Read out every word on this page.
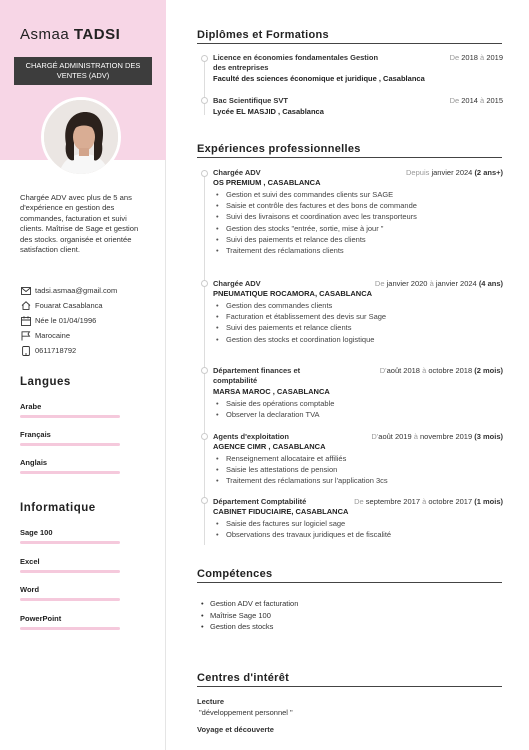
Asmaa TADSI
CHARGÉ ADMINISTRATION DES VENTES (ADV)
Chargée ADV avec plus de 5 ans d'expérience en gestion des commandes, facturation et suivi clients. Maîtrise de Sage et gestion des stocks. organisée et orientée satisfaction client.
tadsi.asmaa@gmail.com
Fouarat Casablanca
Née le 01/04/1996
Marocaine
0611718792
Langues
Arabe
Français
Anglais
Informatique
Sage 100
Excel
Word
PowerPoint
Diplômes et Formations
Licence en économies fondamentales Gestion des entreprises
De 2018 à 2019
Faculté des sciences économique et juridique , Casablanca
Bac Scientifique SVT	De 2014 à 2015
Lycée EL MASJID , Casablanca
Expériences professionnelles
Chargée ADV	Depuis janvier 2024 (2 ans+)
OS PREMIUM , CASABLANCA
• Gestion et suivi des commandes clients sur SAGE
• Saisie et contrôle des factures et des bons de commande
• Suivi des livraisons et coordination avec les transporteurs
• Gestion des stocks "entrée, sortie, mise à jour "
• Suivi des paiements et relance des clients
• Traitement des réclamations clients
Chargée ADV	De janvier 2020 à janvier 2024 (4 ans)
PNEUMATIQUE ROCAMORA, CASABLANCA
• Gestion des commandes clients
• Facturation et établissement des devis sur Sage
• Suivi des paiements et relance clients
• Gestion des stocks et coordination logistique
Département finances et comptabilité
D'août 2018 à octobre 2018 (2 mois)
MARSA MAROC , CASABLANCA
• Saisie des opérations comptable
• Observer la declaration TVA
Agents d'exploitation	D'août 2019 à novembre 2019 (3 mois)
AGENCE CIMR , CASABLANCA
• Renseignement allocataire et affiliés
• Saisie les attestations de pension
• Traitement des réclamations sur l'application 3cs
Département Comptabilité	De septembre 2017 à octobre 2017 (1 mois)
CABINET FIDUCIAIRE, CASABLANCA
• Saisie des factures sur logiciel sage
• Observations des travaux juridiques et de fiscalité
Compétences
• Gestion ADV et facturation
• Maîtrise Sage 100
• Gestion des stocks
Centres d'intérêt
Lecture
"développement personnel "
Voyage et découverte
